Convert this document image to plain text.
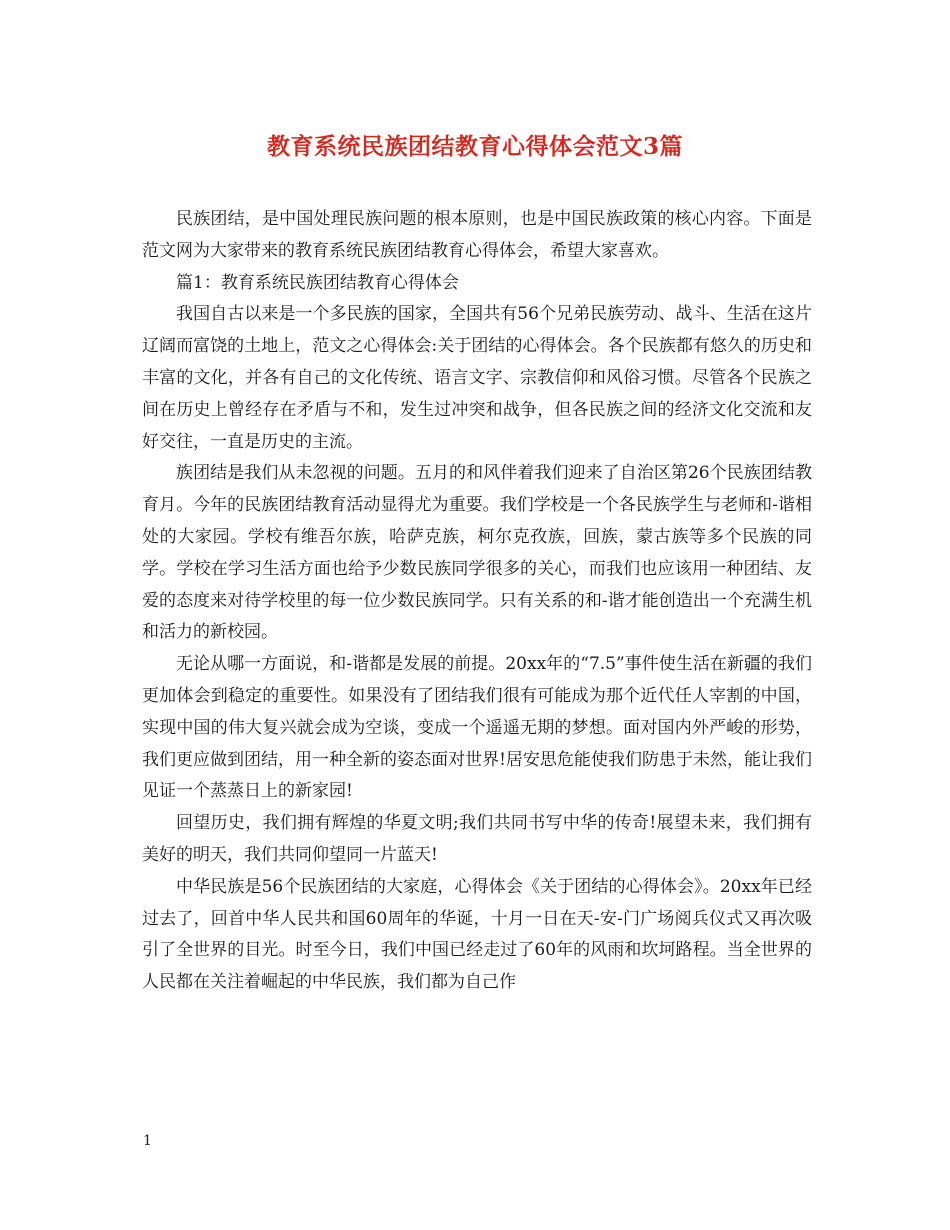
教育系统民族团结教育心得体会范文3篇

民族团结，是中国处理民族问题的根本原则，也是中国民族政策的核心内容。下面是范文网为大家带来的教育系统民族团结教育心得体会，希望大家喜欢。

篇1：教育系统民族团结教育心得体会

我国自古以来是一个多民族的国家，全国共有56个兄弟民族劳动、战斗、生活在这片辽阔而富饶的土地上，范文之心得体会:关于团结的心得体会。各个民族都有悠久的历史和丰富的文化，并各有自己的文化传统、语言文字、宗教信仰和风俗习惯。尽管各个民族之间在历史上曾经存在矛盾与不和，发生过冲突和战争，但各民族之间的经济文化交流和友好交往，一直是历史的主流。

族团结是我们从未忽视的问题。五月的和风伴着我们迎来了自治区第26个民族团结教育月。今年的民族团结教育活动显得尤为重要。我们学校是一个各民族学生与老师和-谐相处的大家园。学校有维吾尔族，哈萨克族，柯尔克孜族，回族，蒙古族等多个民族的同学。学校在学习生活方面也给予少数民族同学很多的关心，而我们也应该用一种团结、友爱的态度来对待学校里的每一位少数民族同学。只有关系的和-谐才能创造出一个充满生机和活力的新校园。

无论从哪一方面说，和-谐都是发展的前提。20xx年的“7.5”事件使生活在新疆的我们更加体会到稳定的重要性。如果没有了团结我们很有可能成为那个近代任人宰割的中国，实现中国的伟大复兴就会成为空谈，变成一个遥遥无期的梦想。面对国内外严峻的形势，我们更应做到团结，用一种全新的姿态面对世界!居安思危能使我们防患于未然，能让我们见证一个蒸蒸日上的新家园!

回望历史，我们拥有辉煌的华夏文明;我们共同书写中华的传奇!展望未来，我们拥有美好的明天，我们共同仰望同一片蓝天!

中华民族是56个民族团结的大家庭，心得体会《关于团结的心得体会》。20xx年已经过去了，回首中华人民共和国60周年的华诞，十月一日在天-安-门广场阅兵仪式又再次吸引了全世界的目光。时至今日，我们中国已经走过了60年的风雨和坎坷路程。当全世界的人民都在关注着崛起的中华民族，我们都为自己作

1
